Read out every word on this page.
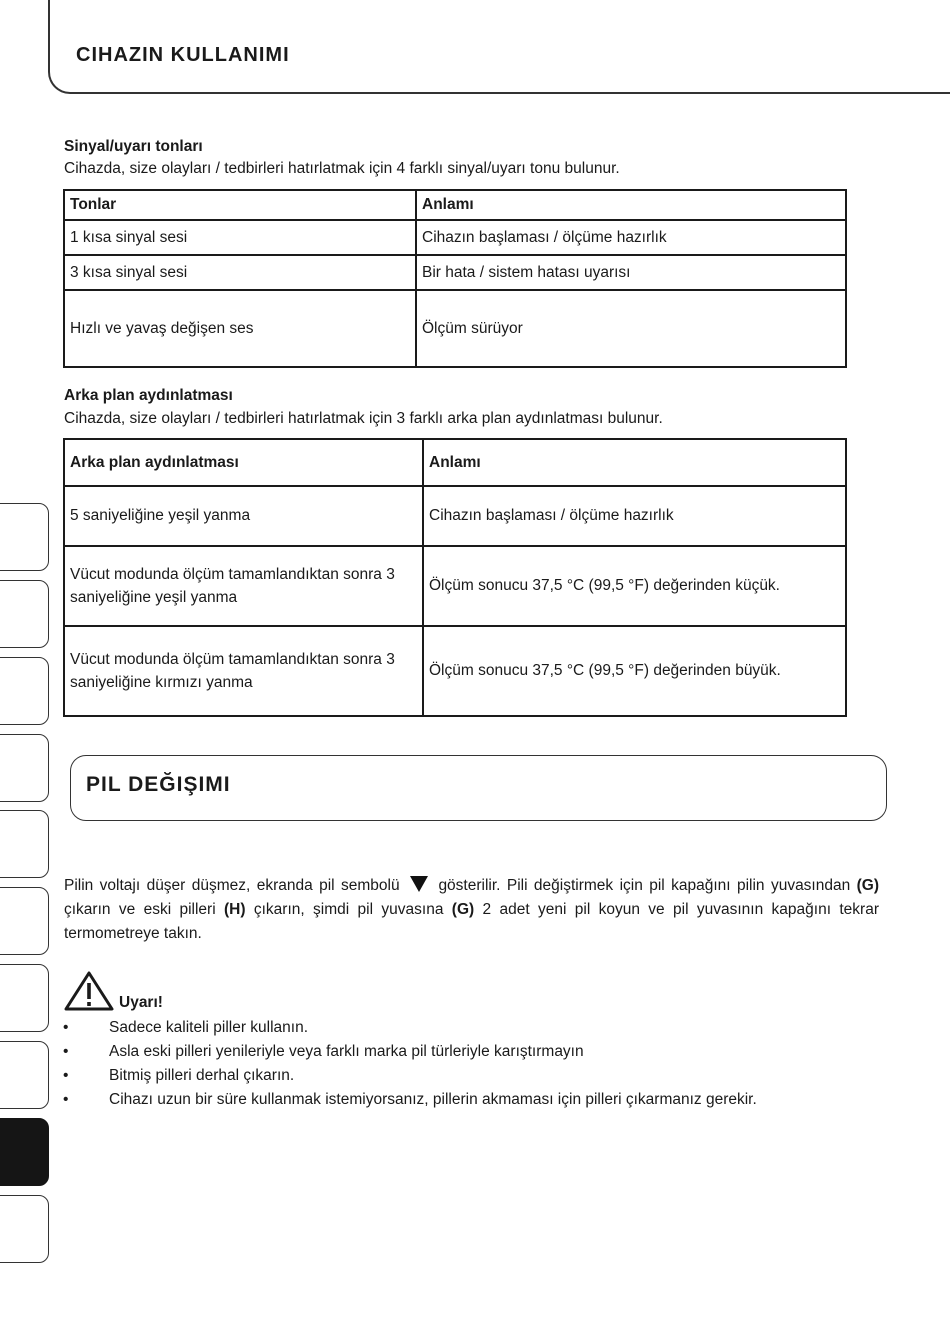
CIHAZIN KULLANIMI
Sinyal/uyarı tonları
Cihazda, size olayları / tedbirleri hatırlatmak için 4 farklı sinyal/uyarı tonu bulunur.
Tonlar	Anlamı
1 kısa sinyal sesi	Cihazın başlaması / ölçüme hazırlık
3 kısa sinyal sesi	Bir hata / sistem hatası uyarısı
Hızlı ve yavaş değişen ses	Ölçüm sürüyor
Arka plan aydınlatması
Cihazda, size olayları / tedbirleri hatırlatmak için 3 farklı arka plan aydınlatması bulunur.
Arka plan aydınlatması	Anlamı
5 saniyeliğine yeşil yanma	Cihazın başlaması / ölçüme hazırlık
Vücut modunda ölçüm tamamlandıktan sonra 3 saniyeliğine yeşil yanma	Ölçüm sonucu 37,5 °C (99,5 °F) değerinden küçük.
Vücut modunda ölçüm tamamlandıktan sonra 3 saniyeliğine kırmızı yanma	Ölçüm sonucu 37,5 °C (99,5 °F) değerinden büyük.
PIL DEĞIŞIMI
Pilin voltajı düşer düşmez, ekranda pil sembolü	gösterilir. Pili değiştirmek için pil kapağını pilin yuvasından (G) çıkarın ve eski pilleri (H) çıkarın, şimdi pil yuvasına (G) 2 adet yeni pil koyun ve pil yuvasının kapağını tekrar termometreye takın.
Uyarı!
•	Sadece kaliteli piller kullanın.
•	Asla eski pilleri yenileriyle veya farklı marka pil türleriyle karıştırmayın
•	Bitmiş pilleri derhal çıkarın.
•	Cihazı uzun bir süre kullanmak istemiyorsanız, pillerin akmaması için pilleri çıkarmanız gerekir.
